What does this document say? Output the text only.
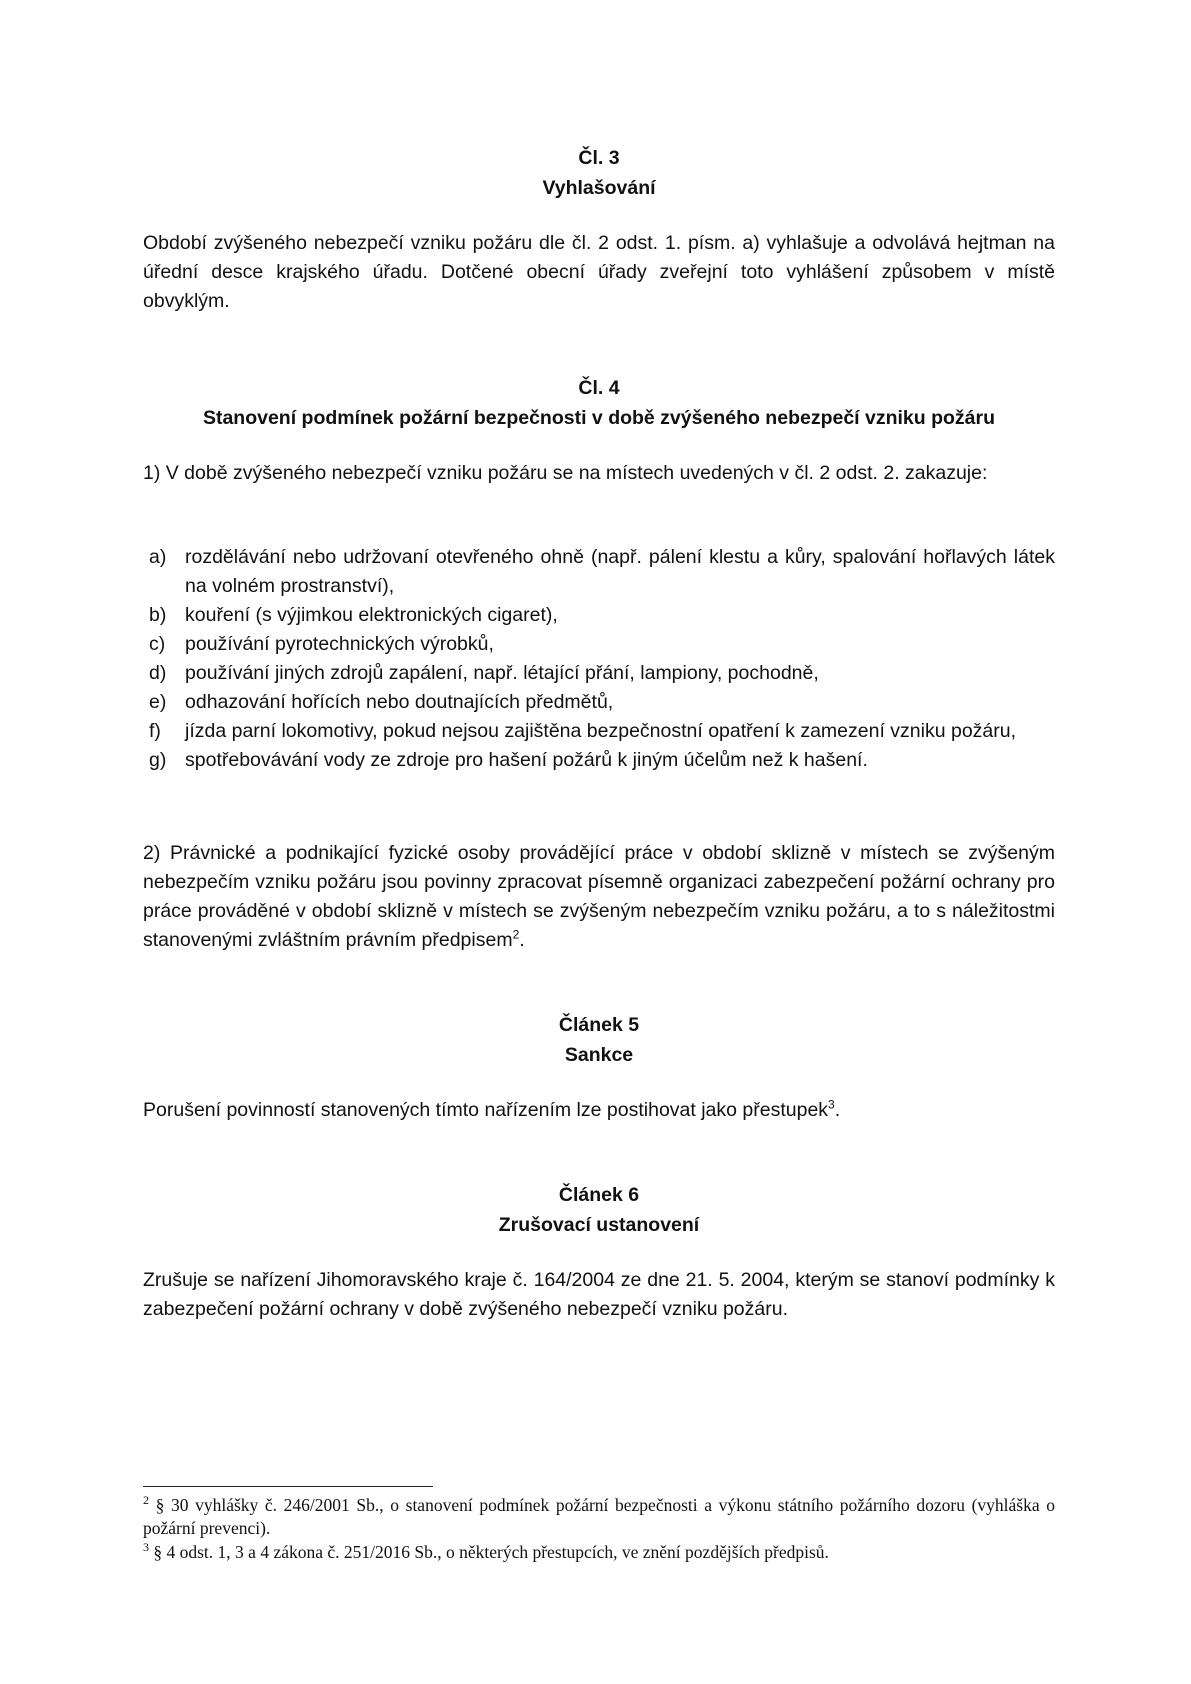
Čl. 3
Vyhlašování
Období zvýšeného nebezpečí vzniku požáru dle čl. 2 odst. 1. písm. a) vyhlašuje a odvolává hejtman na úřední desce krajského úřadu. Dotčené obecní úřady zveřejní toto vyhlášení způsobem v místě obvyklým.
Čl. 4
Stanovení podmínek požární bezpečnosti v době zvýšeného nebezpečí vzniku požáru
1) V době zvýšeného nebezpečí vzniku požáru se na místech uvedených v čl. 2 odst. 2. zakazuje:
a) rozdělávání nebo udržovaní otevřeného ohně (např. pálení klestu a kůry, spalování hořlavých látek na volném prostranství),
b) kouření (s výjimkou elektronických cigaret),
c) používání pyrotechnických výrobků,
d) používání jiných zdrojů zapálení, např. létající přání, lampiony, pochodně,
e) odhazování hořících nebo doutnajících předmětů,
f) jízda parní lokomotivy, pokud nejsou zajištěna bezpečnostní opatření k zamezení vzniku požáru,
g) spotřebovávání vody ze zdroje pro hašení požárů k jiným účelům než k hašení.
2) Právnické a podnikající fyzické osoby provádějící práce v období sklizně v místech se zvýšeným nebezpečím vzniku požáru jsou povinny zpracovat písemně organizaci zabezpečení požární ochrany pro práce prováděné v období sklizně v místech se zvýšeným nebezpečím vzniku požáru, a to s náležitostmi stanovenými zvláštním právním předpisem$^2$.
Článek 5
Sankce
Porušení povinností stanovených tímto nařízením lze postihovat jako přestupek$^3$.
Článek 6
Zrušovací ustanovení
Zrušuje se nařízení Jihomoravského kraje č. 164/2004 ze dne 21. 5. 2004, kterým se stanoví podmínky k zabezpečení požární ochrany v době zvýšeného nebezpečí vzniku požáru.
$^2$ § 30 vyhlášky č. 246/2001 Sb., o stanovení podmínek požární bezpečnosti a výkonu státního požárního dozoru (vyhláška o požární prevenci).
$^3$ § 4 odst. 1, 3 a 4 zákona č. 251/2016 Sb., o některých přestupcích, ve znění pozdějších předpisů.
